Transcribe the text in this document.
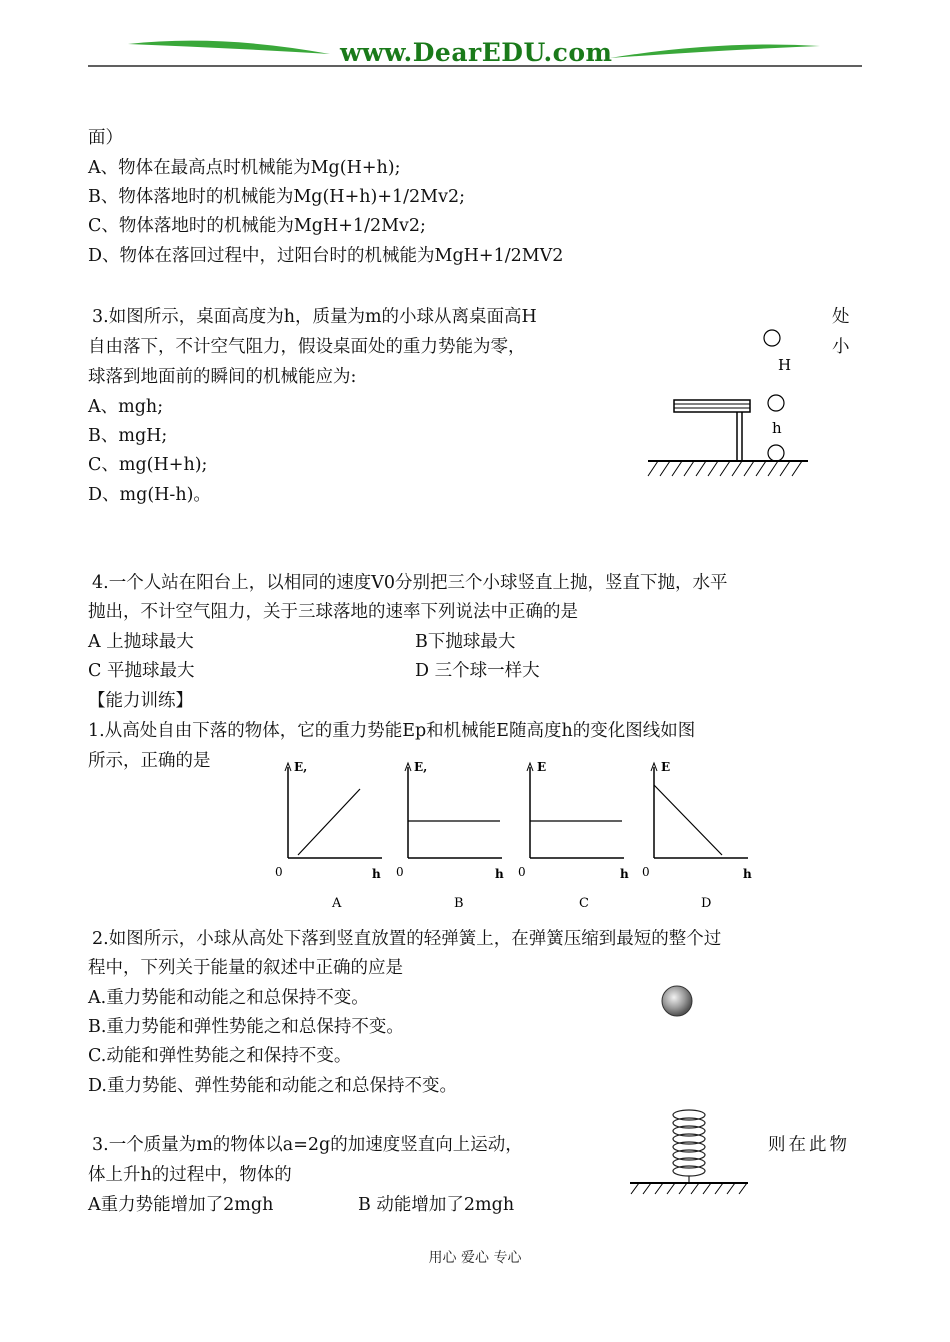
www.DearEDU.com
面）
A、物体在最高点时机械能为Mg(H+h);
B、物体落地时的机械能为Mg(H+h)+1/2Mv2;
C、物体落地时的机械能为MgH+1/2Mv2;
D、物体在落回过程中，过阳台时的机械能为MgH+1/2MV2
3.如图所示，桌面高度为h，质量为m的小球从离桌面高H	处
自由落下，不计空气阻力，假设桌面处的重力势能为零，	小
球落到地面前的瞬间的机械能应为:
A、mgh;
B、mgH;
C、mg(H+h);
D、mg(H-h)。
H
h
4.一个人站在阳台上，以相同的速度V0分别把三个小球竖直上抛，竖直下抛，水平
抛出，不计空气阻力，关于三球落地的速率下列说法中正确的是
A 上抛球最大	B下抛球最大
C 平抛球最大	D 三个球一样大
【能力训练】
1.从高处自由下落的物体，它的重力势能Ep和机械能E随高度h的变化图线如图
所示，正确的是	E,
0	h
A
E,
0	h
B
E
0	h
C
E
0	h
D
2.如图所示，小球从高处下落到竖直放置的轻弹簧上，在弹簧压缩到最短的整个过
程中，下列关于能量的叙述中正确的应是
A.重力势能和动能之和总保持不变。
B.重力势能和弹性势能之和总保持不变。
C.动能和弹性势能之和保持不变。
D.重力势能、弹性势能和动能之和总保持不变。
3.一个质量为m的物体以a=2g的加速度竖直向上运动，	则在此物
体上升h的过程中，物体的
A重力势能增加了2mgh	B 动能增加了2mgh
用心 爱心 专心
